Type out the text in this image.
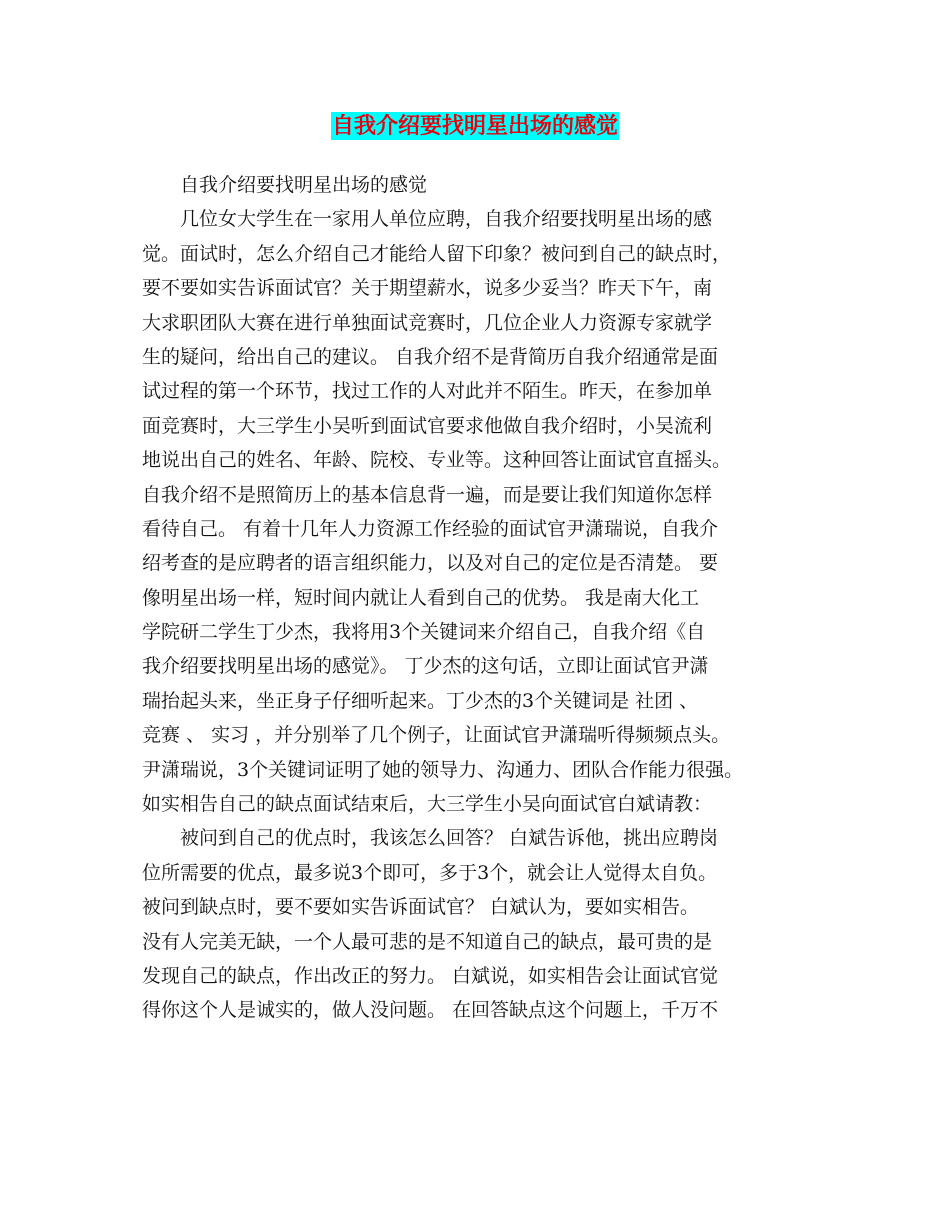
自我介绍要找明星出场的感觉
　　自我介绍要找明星出场的感觉
　　几位女大学生在一家用人单位应聘，自我介绍要找明星出场的感
觉。面试时，怎么介绍自己才能给人留下印象？被问到自己的缺点时，
要不要如实告诉面试官？关于期望薪水，说多少妥当？昨天下午，南
大求职团队大赛在进行单独面试竞赛时，几位企业人力资源专家就学
生的疑问，给出自己的建议。 自我介绍不是背简历自我介绍通常是面
试过程的第一个环节，找过工作的人对此并不陌生。昨天，在参加单
面竞赛时，大三学生小吴听到面试官要求他做自我介绍时，小吴流利
地说出自己的姓名、年龄、院校、专业等。这种回答让面试官直摇头。
自我介绍不是照简历上的基本信息背一遍，而是要让我们知道你怎样
看待自己。 有着十几年人力资源工作经验的面试官尹潇瑞说，自我介
绍考查的是应聘者的语言组织能力，以及对自己的定位是否清楚。 要
像明星出场一样，短时间内就让人看到自己的优势。 我是南大化工
学院研二学生丁少杰，我将用3个关键词来介绍自己，自我介绍《自
我介绍要找明星出场的感觉》。 丁少杰的这句话，立即让面试官尹潇
瑞抬起头来，坐正身子仔细听起来。丁少杰的3个关键词是 社团 、
竞赛 、 实习 ，并分别举了几个例子，让面试官尹潇瑞听得频频点头。
尹潇瑞说，3个关键词证明了她的领导力、沟通力、团队合作能力很强。
如实相告自己的缺点面试结束后，大三学生小吴向面试官白斌请教：
　　被问到自己的优点时，我该怎么回答？ 白斌告诉他，挑出应聘岗
位所需要的优点，最多说3个即可，多于3个，就会让人觉得太自负。
被问到缺点时，要不要如实告诉面试官？ 白斌认为，要如实相告。
没有人完美无缺，一个人最可悲的是不知道自己的缺点，最可贵的是
发现自己的缺点，作出改正的努力。 白斌说，如实相告会让面试官觉
得你这个人是诚实的，做人没问题。 在回答缺点这个问题上，千万不
